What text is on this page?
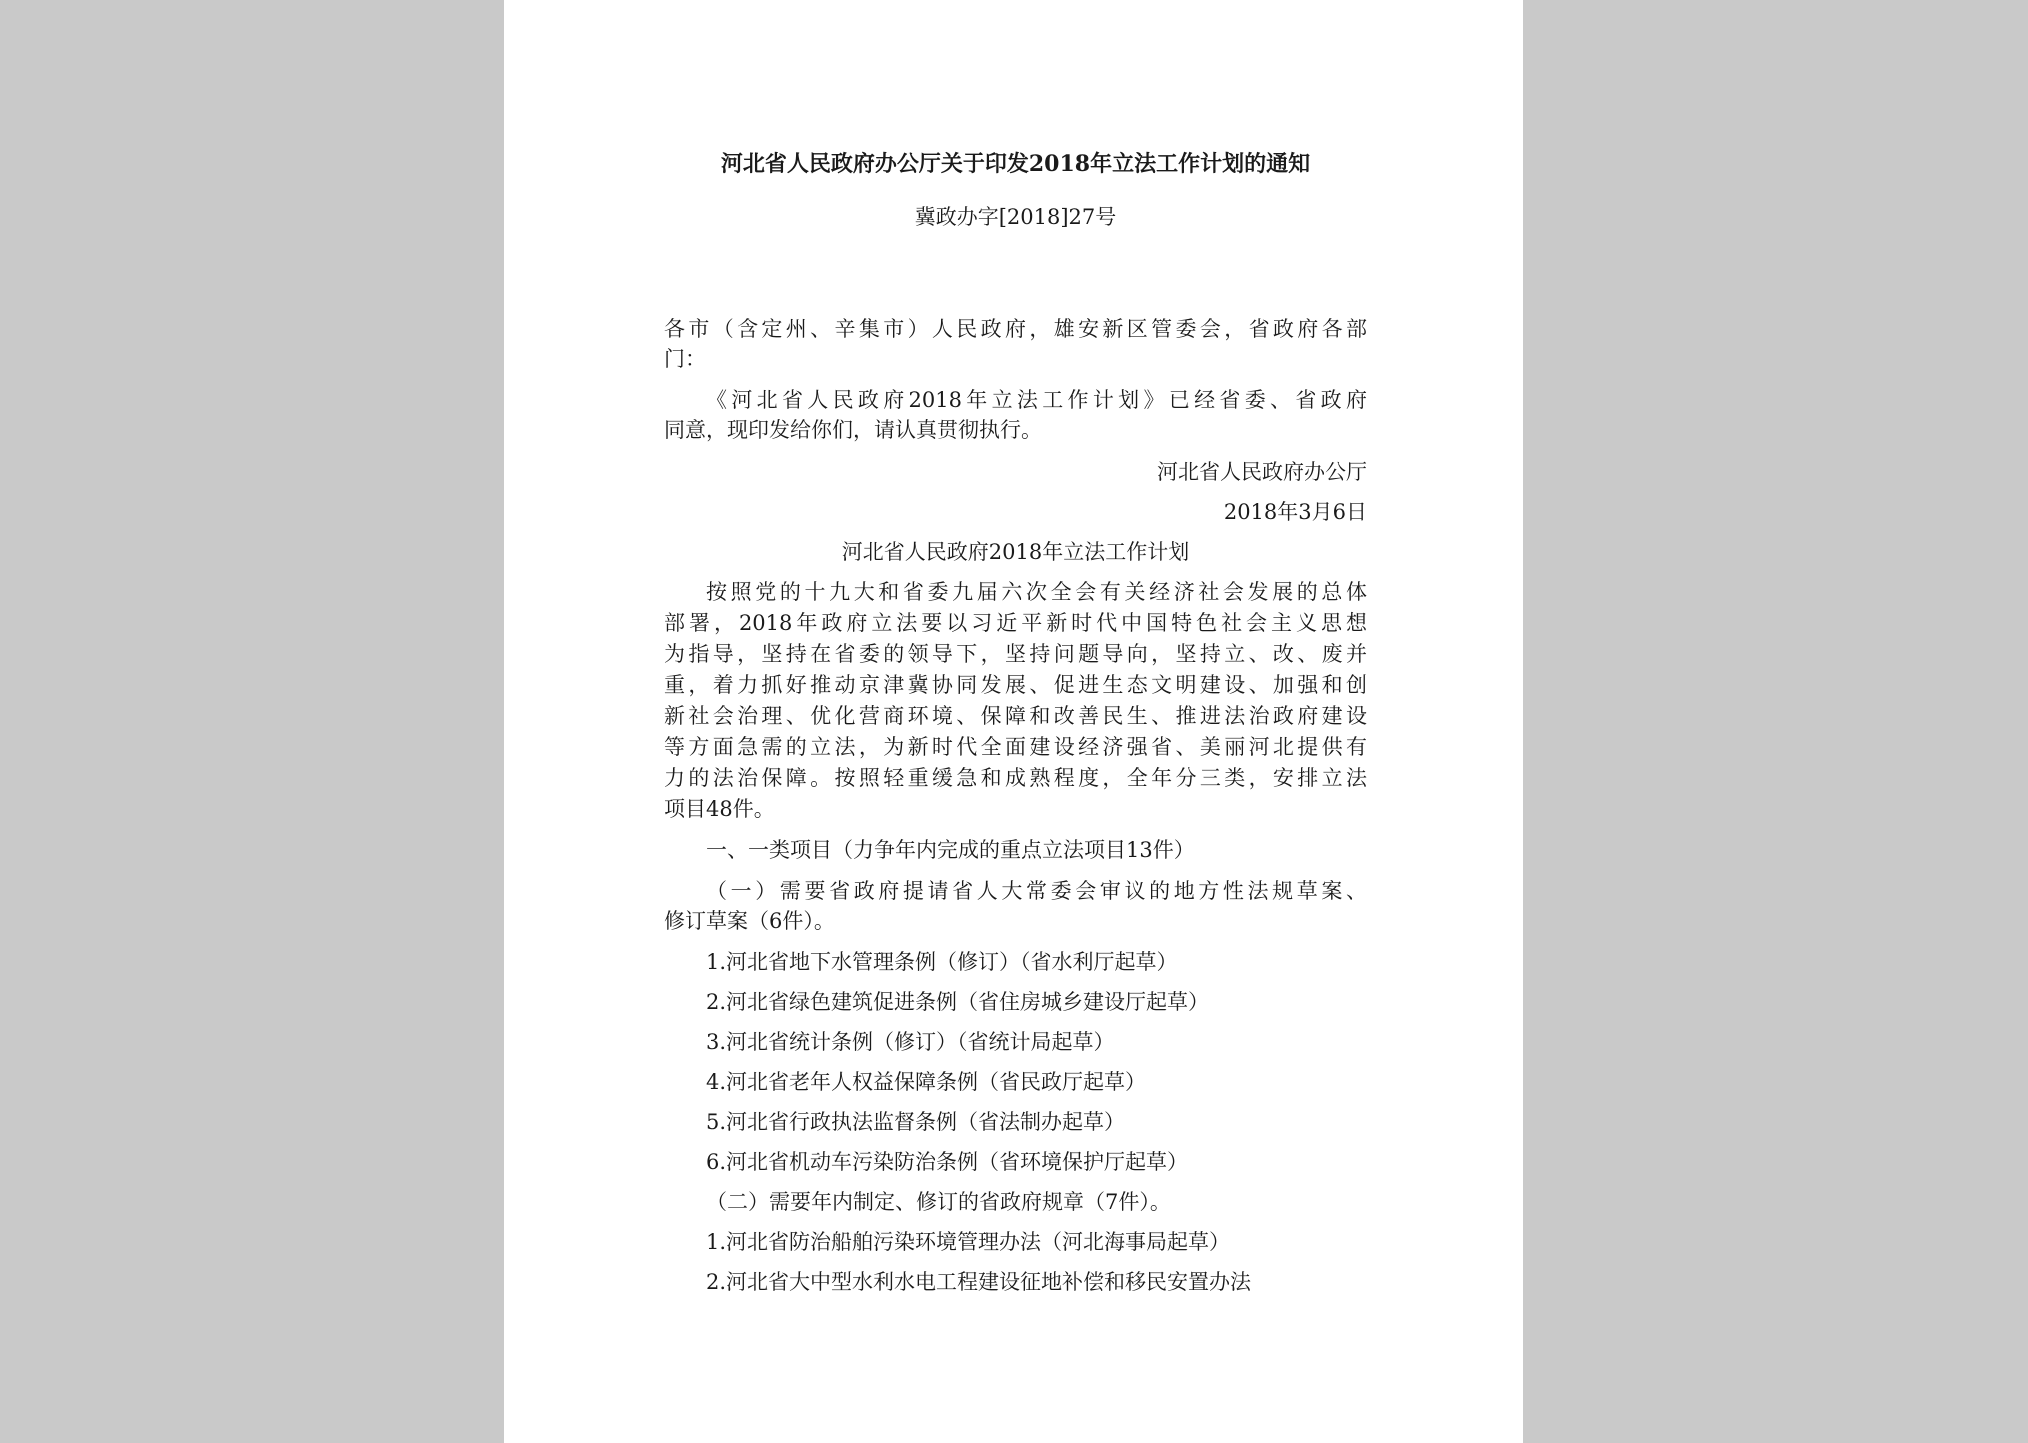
河北省人民政府办公厅关于印发2018年立法工作计划的通知
冀政办字[2018]27号
各市（含定州、辛集市）人民政府，雄安新区管委会，省政府各部
门：
《河北省人民政府2018年立法工作计划》已经省委、省政府
同意，现印发给你们，请认真贯彻执行。
河北省人民政府办公厅
2018年3月6日
河北省人民政府2018年立法工作计划
按照党的十九大和省委九届六次全会有关经济社会发展的总体
部署，2018年政府立法要以习近平新时代中国特色社会主义思想
为指导，坚持在省委的领导下，坚持问题导向，坚持立、改、废并
重，着力抓好推动京津冀协同发展、促进生态文明建设、加强和创
新社会治理、优化营商环境、保障和改善民生、推进法治政府建设
等方面急需的立法，为新时代全面建设经济强省、美丽河北提供有
力的法治保障。按照轻重缓急和成熟程度，全年分三类，安排立法
项目48件。
一、一类项目（力争年内完成的重点立法项目13件）
（一）需要省政府提请省人大常委会审议的地方性法规草案、
修订草案（6件）。
1.河北省地下水管理条例（修订）（省水利厅起草）
2.河北省绿色建筑促进条例（省住房城乡建设厅起草）
3.河北省统计条例（修订）（省统计局起草）
4.河北省老年人权益保障条例（省民政厅起草）
5.河北省行政执法监督条例（省法制办起草）
6.河北省机动车污染防治条例（省环境保护厅起草）
（二）需要年内制定、修订的省政府规章（7件）。
1.河北省防治船舶污染环境管理办法（河北海事局起草）
2.河北省大中型水利水电工程建设征地补偿和移民安置办法
